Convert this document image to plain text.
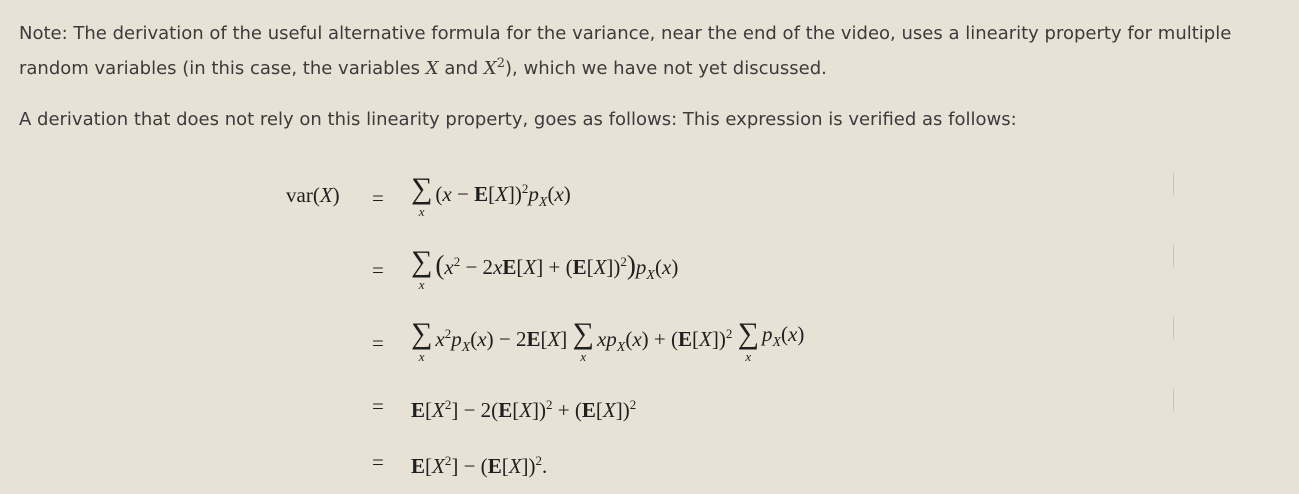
Note: The derivation of the useful alternative formula for the variance, near the end of the video, uses a linearity property for multiple random variables (in this case, the variables X and $X^2$), which we have not yet discussed.

A derivation that does not rely on this linearity property, goes as follows: This expression is verified as follows:

var(X) = ∑
x
$(x - E[X])^2p_X(x)$
= ∑
x
$(x^2 - 2xE[X] + (E[X])^2)p_X(x)$
= ∑
x
$x^2p_X(x) - 2E[X]$ ∑
x
$xp_X(x) + (E[X])^2$ ∑
x
$p_X(x)$
= $E[X^2] - 2(E[X])^2 + (E[X])^2$
= $E[X^2] - (E[X])^2$.
